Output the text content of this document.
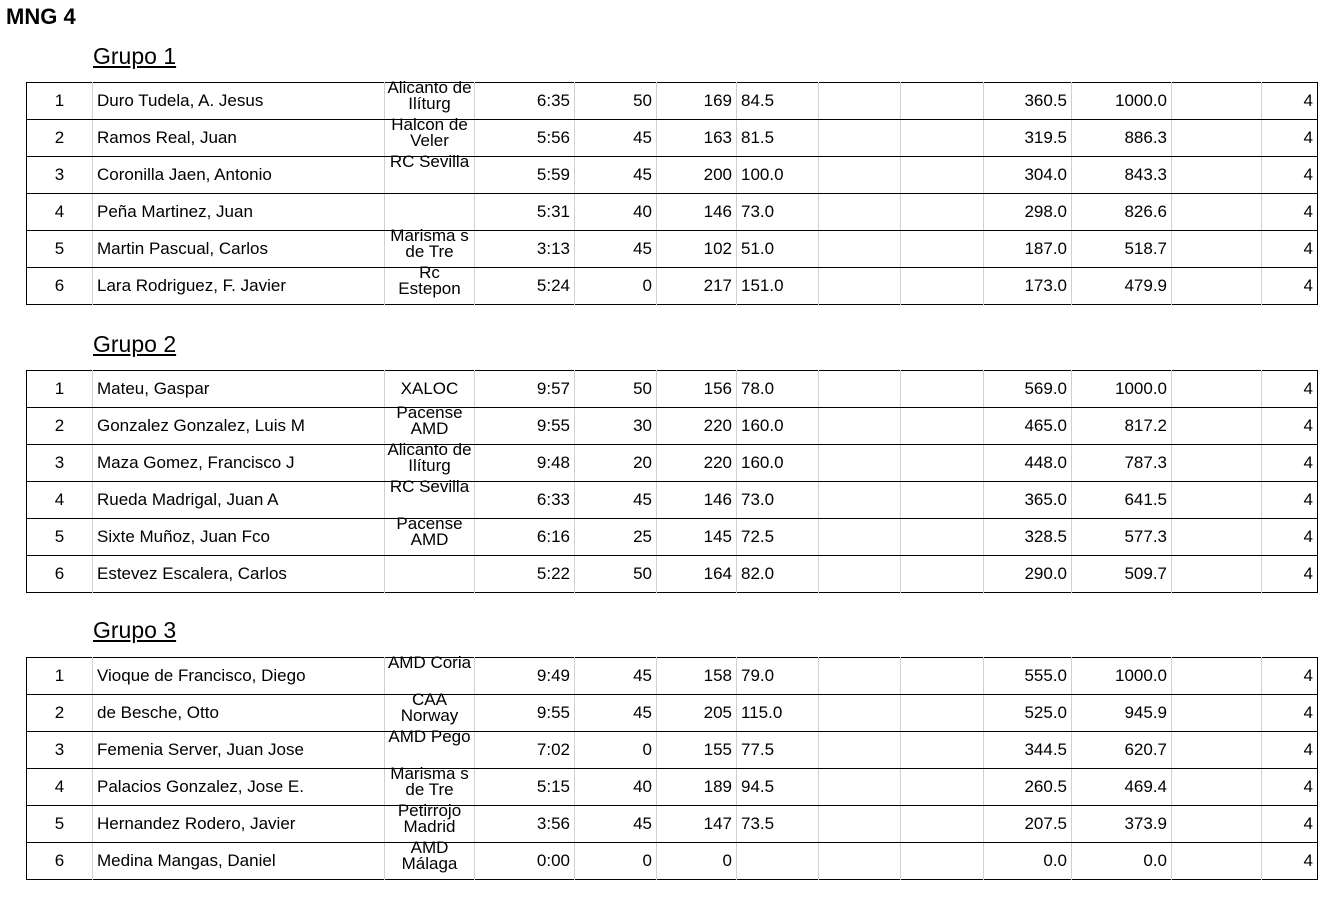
MNG 4
Grupo 1
1	Duro Tudela, A. Jesus	Alicanto de Ilíturg	6:35	50	169	84.5			360.5	1000.0		4
2	Ramos Real, Juan	Halcon de Veler	5:56	45	163	81.5			319.5	886.3		4
3	Coronilla Jaen, Antonio	RC Sevilla	5:59	45	200	100.0			304.0	843.3		4
4	Peña Martinez, Juan		5:31	40	146	73.0			298.0	826.6		4
5	Martin Pascual, Carlos	Marisma s de Tre	3:13	45	102	51.0			187.0	518.7		4
6	Lara Rodriguez, F. Javier	Rc Estepon	5:24	0	217	151.0			173.0	479.9		4
Grupo 2
1	Mateu, Gaspar	XALOC	9:57	50	156	78.0			569.0	1000.0		4
2	Gonzalez Gonzalez, Luis M	Pacense AMD	9:55	30	220	160.0			465.0	817.2		4
3	Maza Gomez, Francisco J	Alicanto de Ilíturg	9:48	20	220	160.0			448.0	787.3		4
4	Rueda Madrigal, Juan A	RC Sevilla	6:33	45	146	73.0			365.0	641.5		4
5	Sixte Muñoz, Juan Fco	Pacense AMD	6:16	25	145	72.5			328.5	577.3		4
6	Estevez Escalera, Carlos		5:22	50	164	82.0			290.0	509.7		4
Grupo 3
1	Vioque de Francisco, Diego	AMD Coria	9:49	45	158	79.0			555.0	1000.0		4
2	de Besche, Otto	CAA Norway	9:55	45	205	115.0			525.0	945.9		4
3	Femenia Server, Juan Jose	AMD Pego	7:02	0	155	77.5			344.5	620.7		4
4	Palacios Gonzalez, Jose E.	Marisma s de Tre	5:15	40	189	94.5			260.5	469.4		4
5	Hernandez Rodero, Javier	Petirrojo Madrid	3:56	45	147	73.5			207.5	373.9		4
6	Medina Mangas, Daniel	AMD Málaga	0:00	0	0				0.0	0.0		4
